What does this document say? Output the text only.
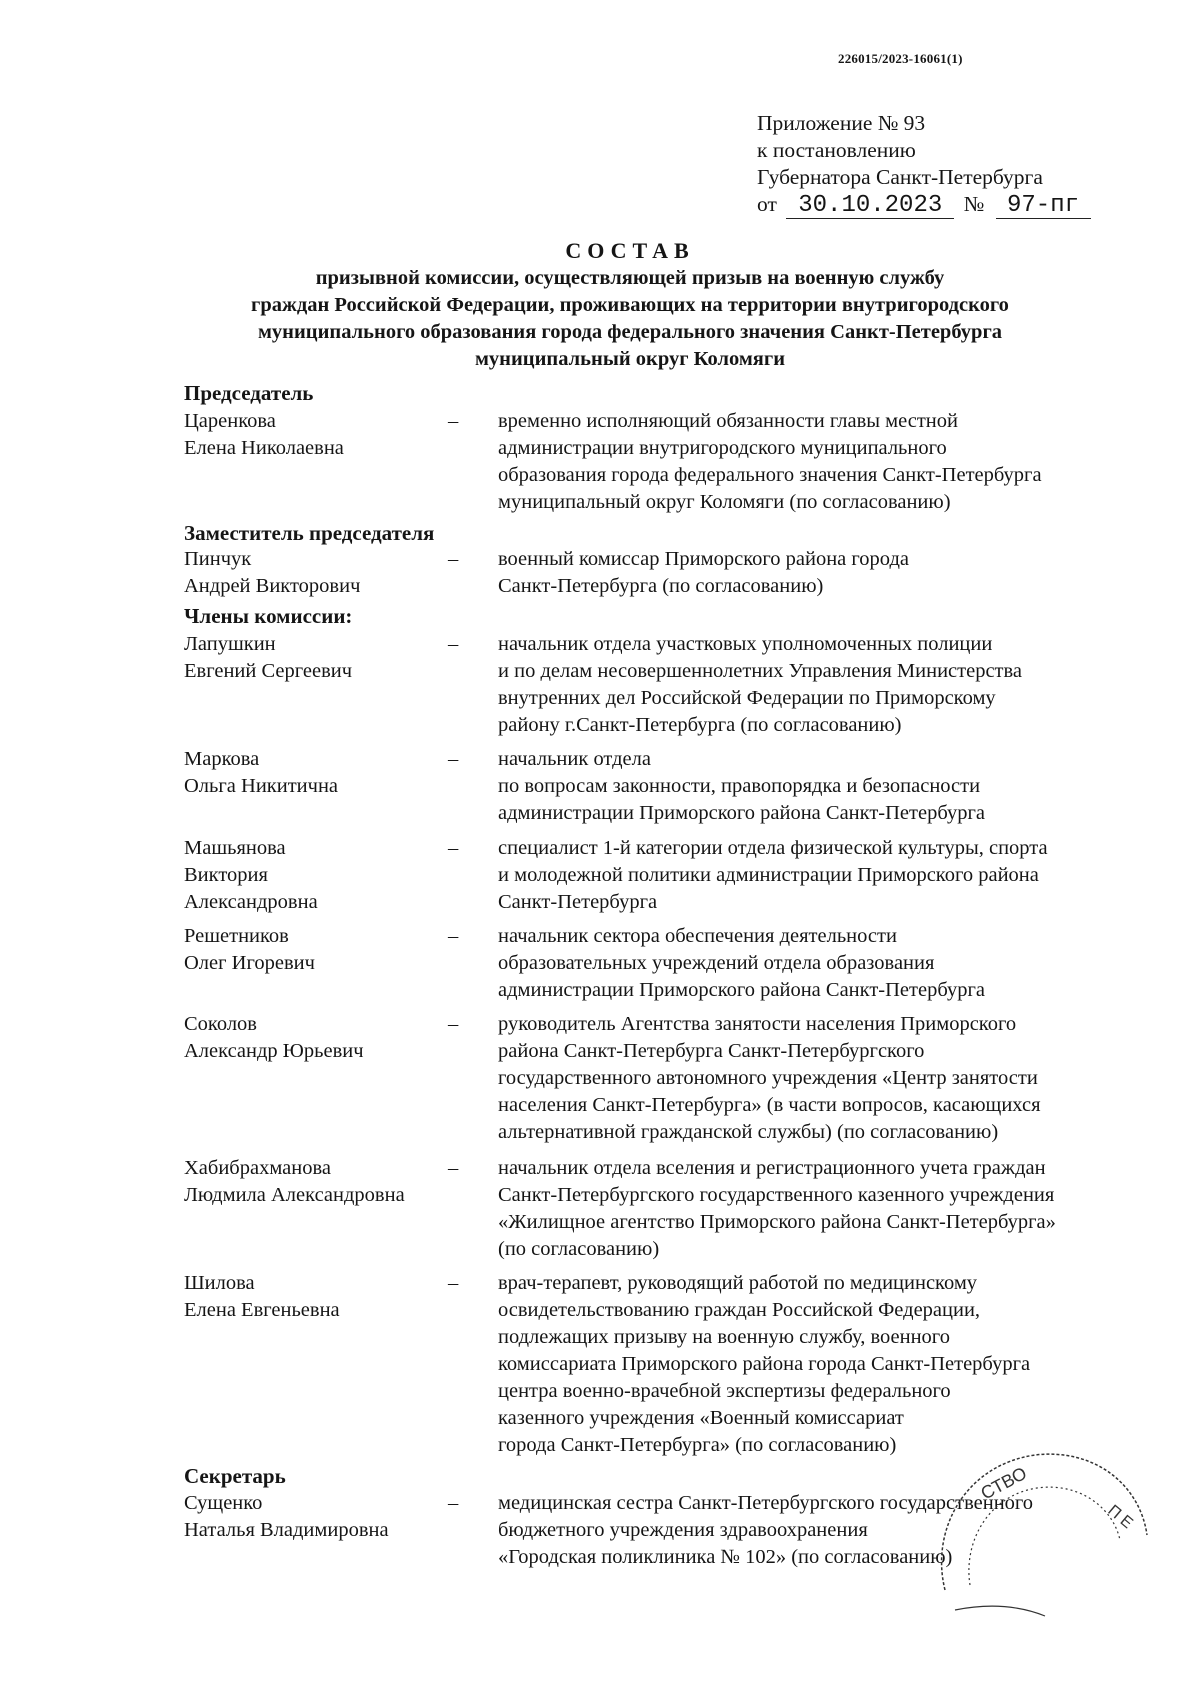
226015/2023-16061(1)
Приложение № 93
к постановлению
Губернатора Санкт-Петербурга
от 30.10.2023 № 97-пг
СОСТАВ
призывной комиссии, осуществляющей призыв на военную службу
граждан Российской Федерации, проживающих на территории внутригородского
муниципального образования города федерального значения Санкт-Петербурга
муниципальный округ Коломяги
Председатель
Царенкова
Елена Николаевна
–	временно исполняющий обязанности главы местной
администрации внутригородского муниципального
образования города федерального значения Санкт-Петербурга
муниципальный округ Коломяги (по согласованию)
Заместитель председателя
Пинчук
Андрей Викторович
–	военный комиссар Приморского района города
Санкт-Петербурга (по согласованию)
Члены комиссии:
Лапушкин
Евгений Сергеевич
–	начальник отдела участковых уполномоченных полиции
и по делам несовершеннолетних Управления Министерства
внутренних дел Российской Федерации по Приморскому
району г.Санкт-Петербурга (по согласованию)
Маркова
Ольга Никитична
–	начальник отдела
по вопросам законности, правопорядка и безопасности
администрации Приморского района Санкт-Петербурга
Машьянова
Виктория
Александровна
–	специалист 1-й категории отдела физической культуры, спорта
и молодежной политики администрации Приморского района
Санкт-Петербурга
Решетников
Олег Игоревич
–	начальник сектора обеспечения деятельности
образовательных учреждений отдела образования
администрации Приморского района Санкт-Петербурга
Соколов
Александр Юрьевич
–	руководитель Агентства занятости населения Приморского
района Санкт-Петербурга Санкт-Петербургского
государственного автономного учреждения «Центр занятости
населения Санкт-Петербурга» (в части вопросов, касающихся
альтернативной гражданской службы) (по согласованию)
Хабибрахманова
Людмила Александровна
–	начальник отдела вселения и регистрационного учета граждан
Санкт-Петербургского государственного казенного учреждения
«Жилищное агентство Приморского района Санкт-Петербурга»
(по согласованию)
Шилова
Елена Евгеньевна
–	врач-терапевт, руководящий работой по медицинскому
освидетельствованию граждан Российской Федерации,
подлежащих призыву на военную службу, военного
комиссариата Приморского района города Санкт-Петербурга
центра военно-врачебной экспертизы федерального
казенного учреждения «Военный комиссариат
города Санкт-Петербурга» (по согласованию)
Секретарь
Сущенко
Наталья Владимировна
–	медицинская сестра Санкт-Петербургского государственного
бюджетного учреждения здравоохранения
«Городская поликлиника № 102» (по согласованию)
СТВО
П Е
